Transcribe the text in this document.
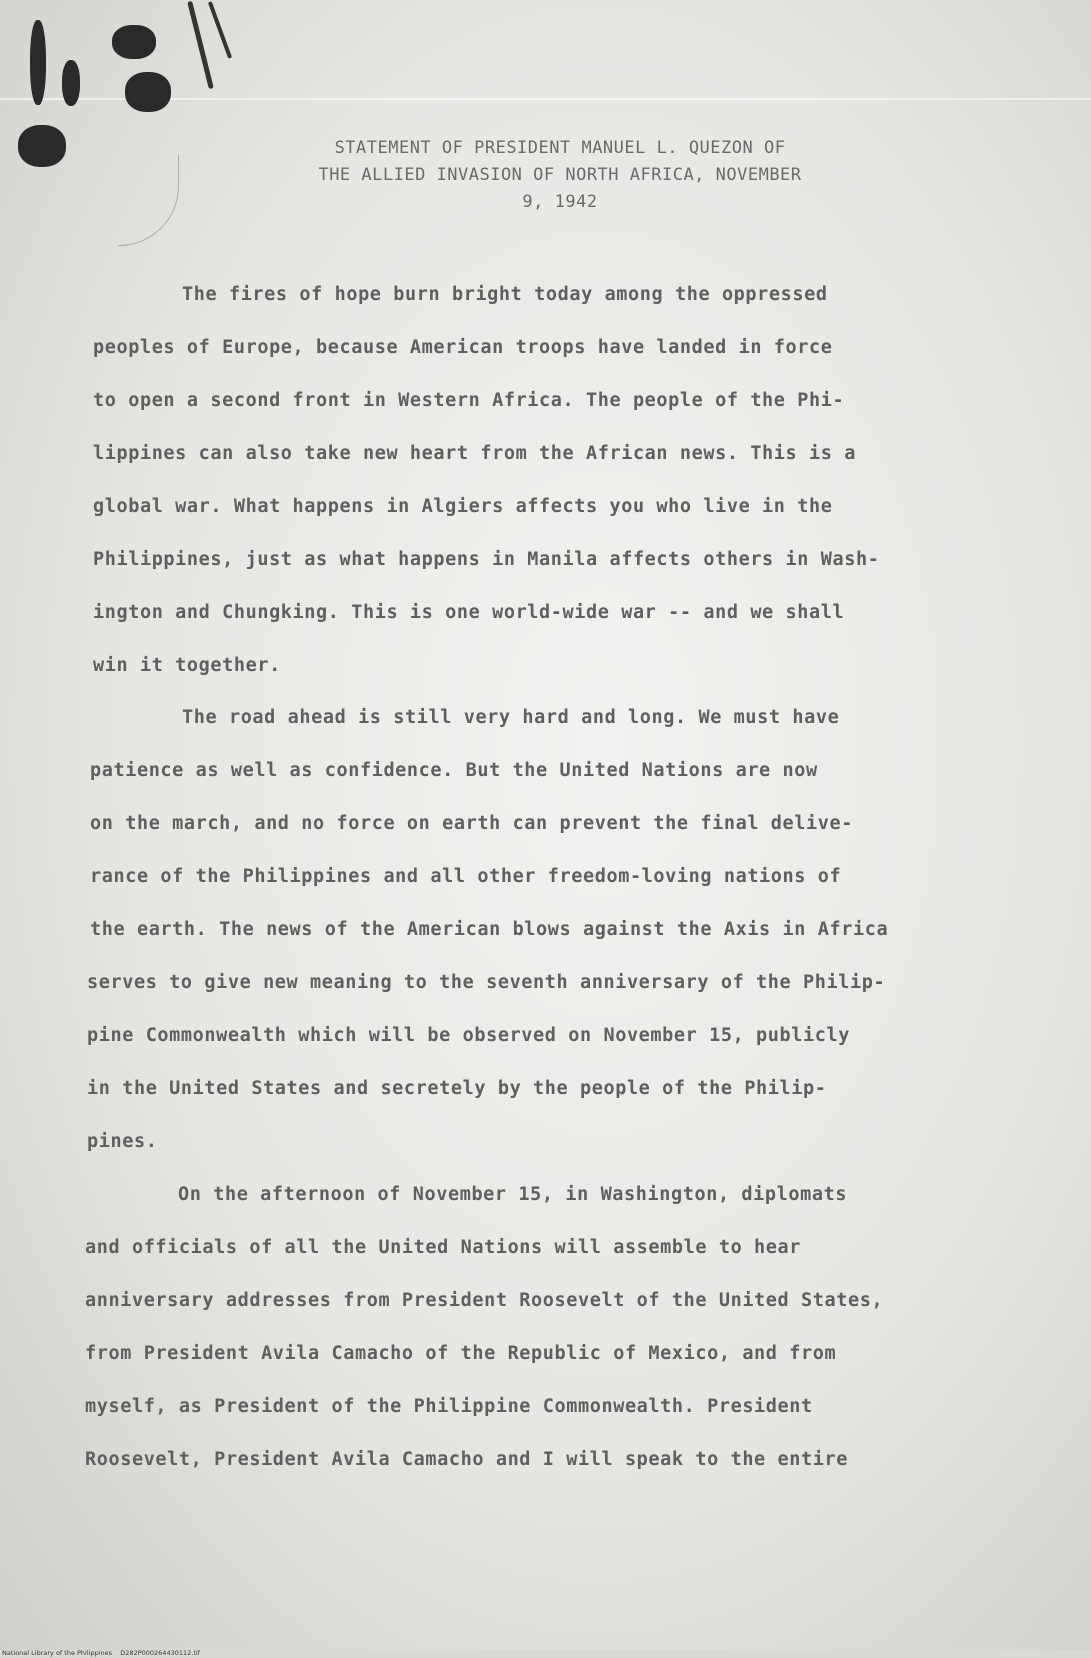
STATEMENT OF PRESIDENT MANUEL L. QUEZON OF
THE ALLIED INVASION OF NORTH AFRICA, NOVEMBER
9, 1942

The fires of hope burn bright today among the oppressed

peoples of Europe, because American troops have landed in force

to open a second front in Western Africa. The people of the Phi-

lippines can also take new heart from the African news. This is a

global war. What happens in Algiers affects you who live in the

Philippines, just as what happens in Manila affects others in Wash-

ington and Chungking. This is one world-wide war -- and we shall

win it together.

The road ahead is still very hard and long. We must have

patience as well as confidence. But the United Nations are now

on the march, and no force on earth can prevent the final delive-

rance of the Philippines and all other freedom-loving nations of

the earth. The news of the American blows against the Axis in Africa

serves to give new meaning to the seventh anniversary of the Philip-

pine Commonwealth which will be observed on November 15, publicly

in the United States and secretely by the people of the Philip-

pines.

On the afternoon of November 15, in Washington, diplomats

and officials of all the United Nations will assemble to hear

anniversary addresses from President Roosevelt of the United States,

from President Avila Camacho of the Republic of Mexico, and from

myself, as President of the Philippine Commonwealth. President

Roosevelt, President Avila Camacho and I will speak to the entire

National Library of the Philippines    D282P000264430112.tif
